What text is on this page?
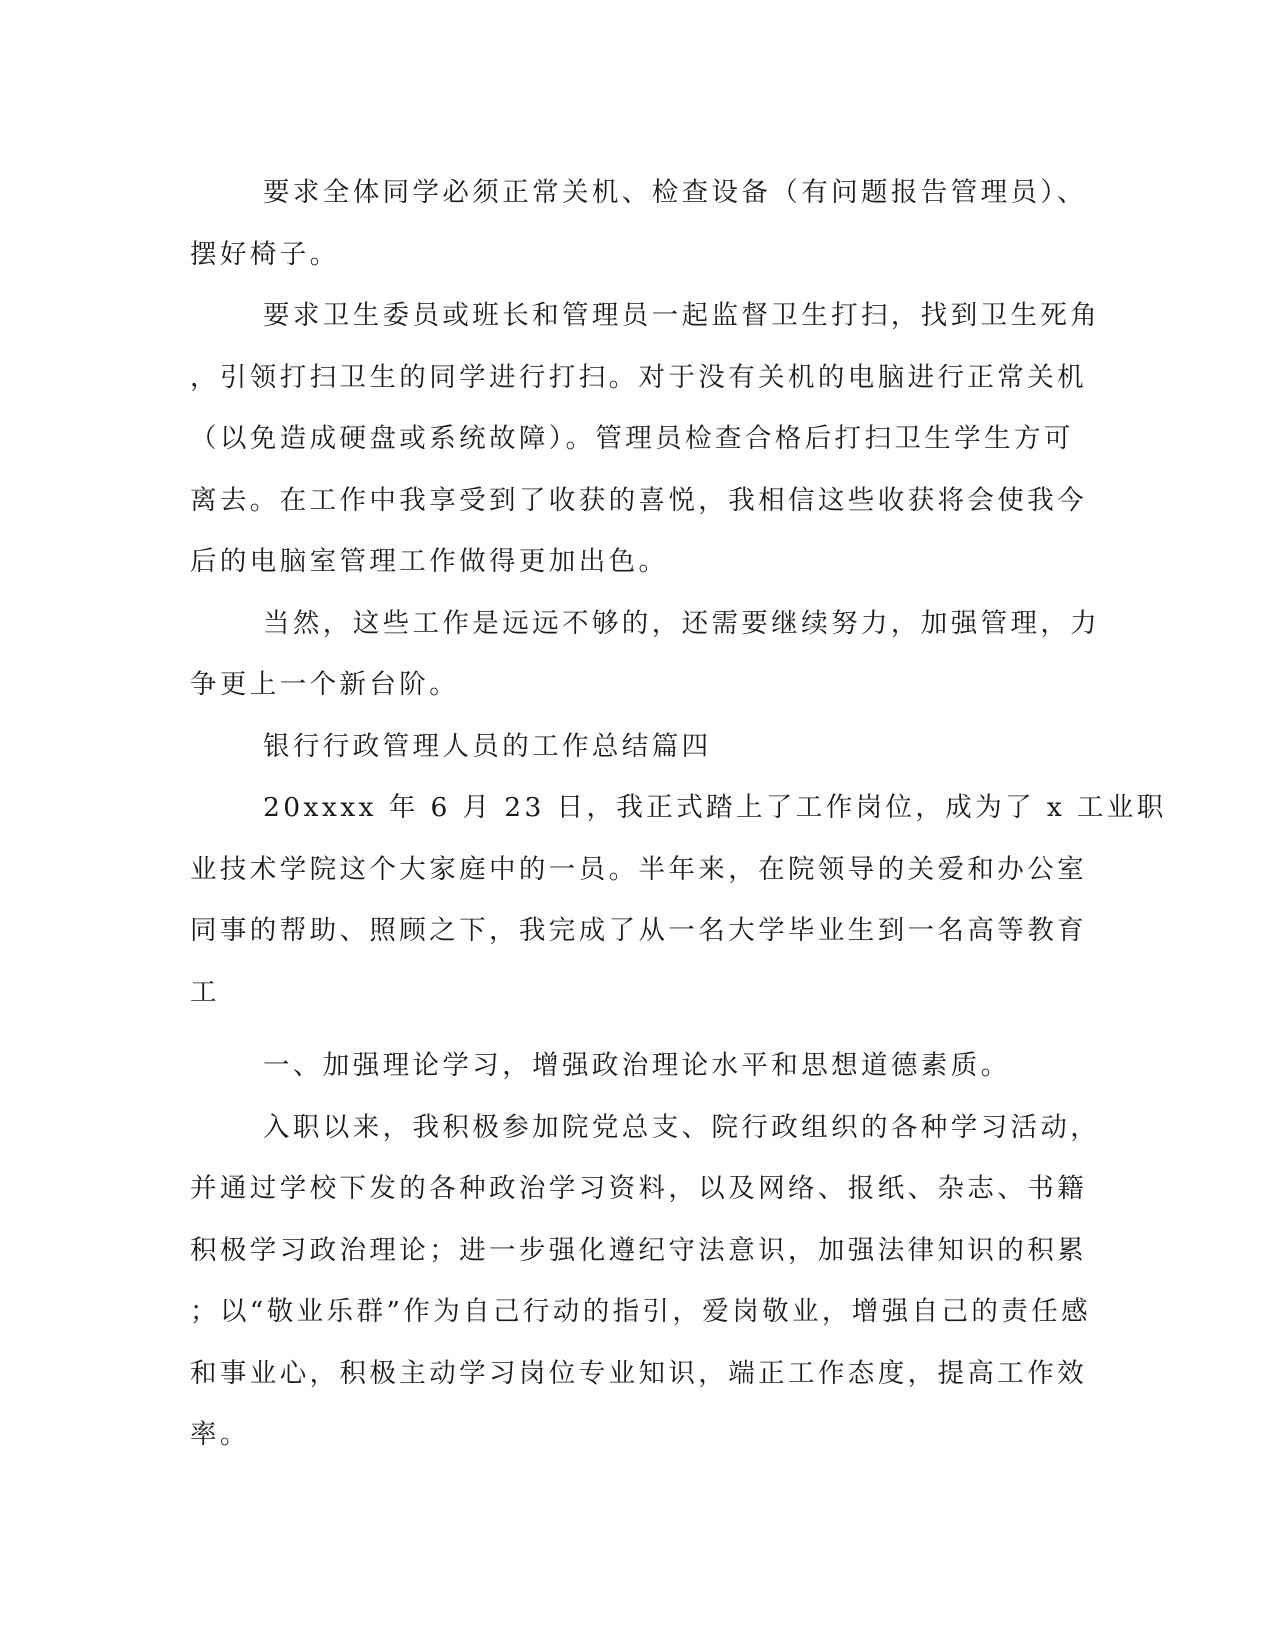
要求全体同学必须正常关机、检查设备（有问题报告管理员）、
摆好椅子。
要求卫生委员或班长和管理员一起监督卫生打扫，找到卫生死角
，引领打扫卫生的同学进行打扫。对于没有关机的电脑进行正常关机
（以免造成硬盘或系统故障）。管理员检查合格后打扫卫生学生方可
离去。在工作中我享受到了收获的喜悦，我相信这些收获将会使我今
后的电脑室管理工作做得更加出色。
当然，这些工作是远远不够的，还需要继续努力，加强管理，力
争更上一个新台阶。
银行行政管理人员的工作总结篇四
20xxxx 年 6 月 23 日，我正式踏上了工作岗位，成为了 x 工业职
业技术学院这个大家庭中的一员。半年来，在院领导的关爱和办公室
同事的帮助、照顾之下，我完成了从一名大学毕业生到一名高等教育
工
一、加强理论学习，增强政治理论水平和思想道德素质。
入职以来，我积极参加院党总支、院行政组织的各种学习活动，
并通过学校下发的各种政治学习资料，以及网络、报纸、杂志、书籍
积极学习政治理论；进一步强化遵纪守法意识，加强法律知识的积累
；以“敬业乐群”作为自己行动的指引，爱岗敬业，增强自己的责任感
和事业心，积极主动学习岗位专业知识，端正工作态度，提高工作效
率。
